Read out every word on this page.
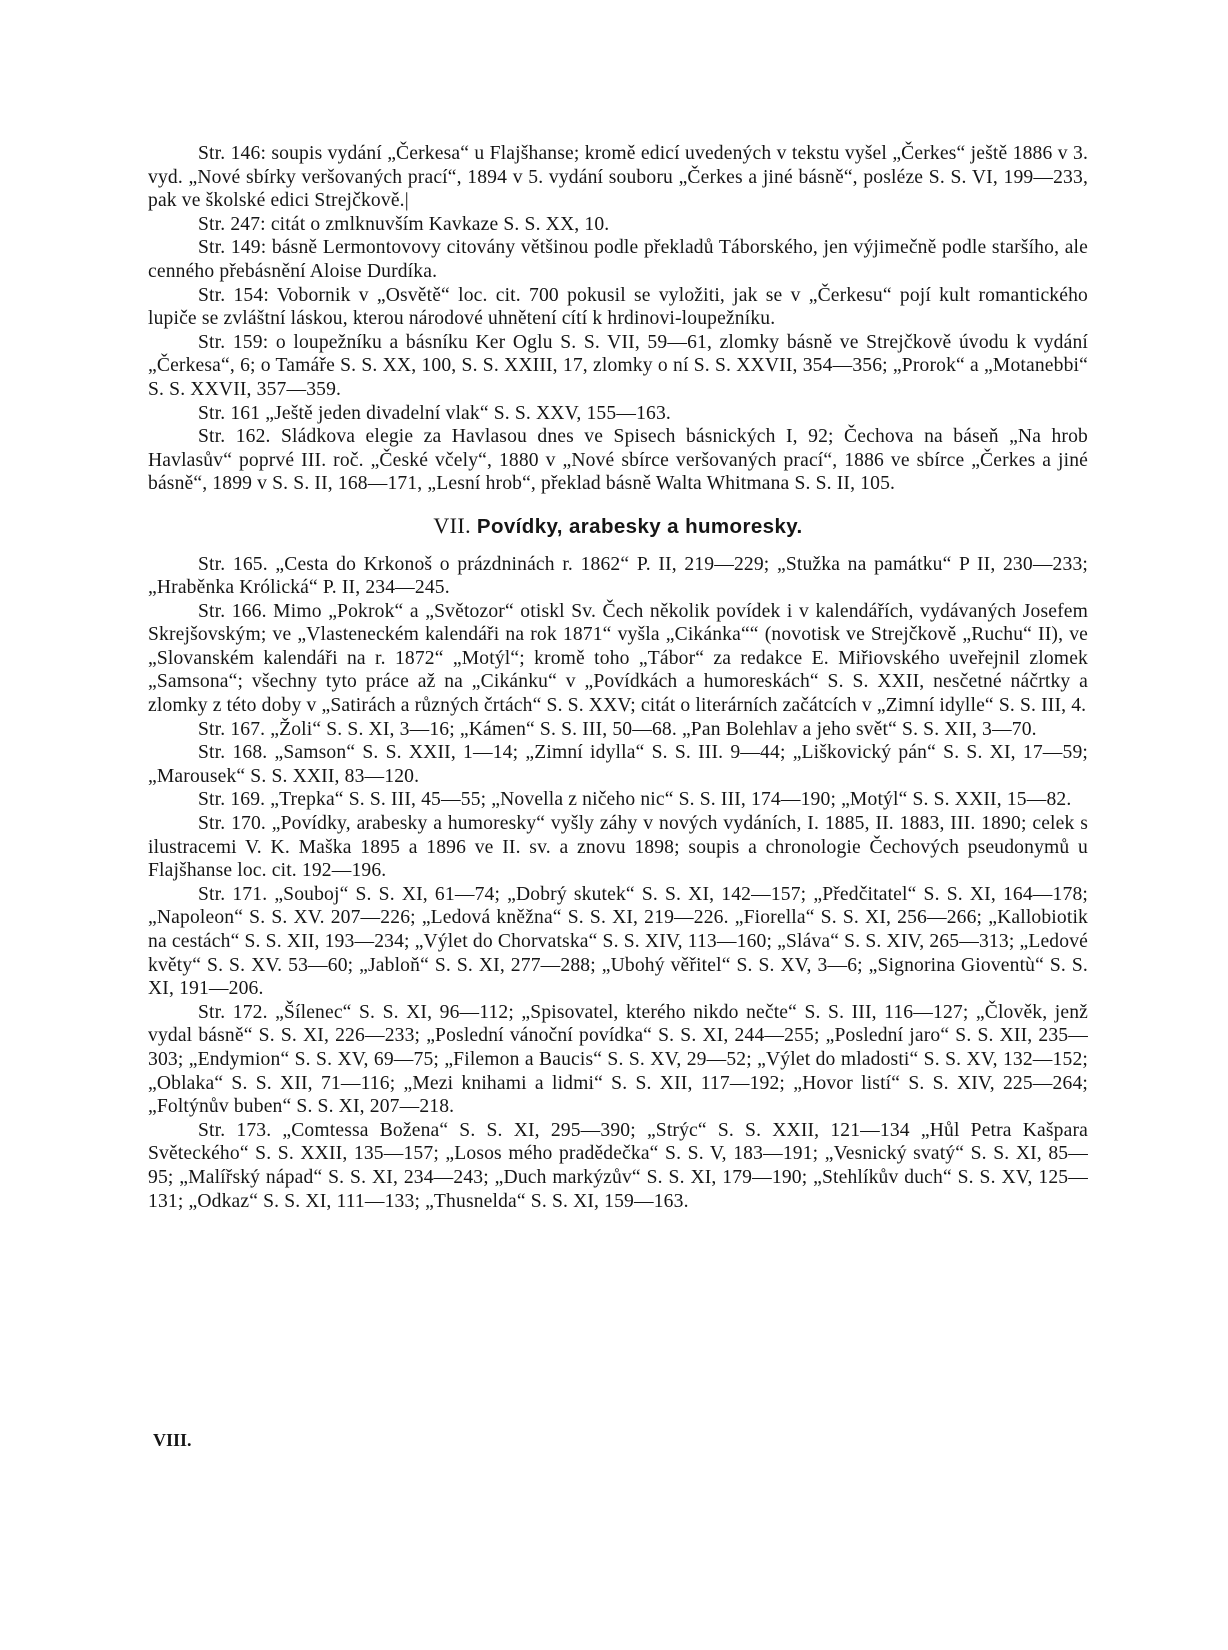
Str. 146: soupis vydání „Čerkesa“ u Flajšhanse; kromě edicí uvedených v tekstu vyšel „Čerkes“ ještě 1886 v 3. vyd. „Nové sbírky veršovaných prací“, 1894 v 5. vydání souboru „Čerkes a jiné básně“, posléze S. S. VI, 199—233, pak ve školské edici Strejčkově.|

Str. 247: citát o zmlknuvším Kavkaze S. S. XX, 10.

Str. 149: básně Lermontovovy citovány většinou podle překladů Táborského, jen výjimečně podle staršího, ale cenného přebásnění Aloise Durdíka.

Str. 154: Vobornik v „Osvětě“ loc. cit. 700 pokusil se vyložiti, jak se v „Čerkesu“ pojí kult romantického lupiče se zvláštní láskou, kterou národové uhnětení cítí k hrdinovi-loupežníku.

Str. 159: o loupežníku a básníku Ker Oglu S. S. VII, 59—61, zlomky básně ve Strejčkově úvodu k vydání „Čerkesa“, 6; o Tamáře S. S. XX, 100, S. S. XXIII, 17, zlomky o ní S. S. XXVII, 354—356; „Prorok“ a „Motanebbi“ S. S. XXVII, 357—359.

Str. 161 „Ještě jeden divadelní vlak“ S. S. XXV, 155—163.

Str. 162. Sládkova elegie za Havlasou dnes ve Spisech básnických I, 92; Čechova na báseň „Na hrob Havlasův“ poprvé III. roč. „České včely“, 1880 v „Nové sbírce veršovaných prací“, 1886 ve sbírce „Čerkes a jiné básně“, 1899 v S. S. II, 168—171, „Lesní hrob“, překlad básně Walta Whitmana S. S. II, 105.

VII. Povídky, arabesky a humoresky.

Str. 165. „Cesta do Krkonoš o prázdninách r. 1862“ P. II, 219—229; „Stužka na památku“ P II, 230—233; „Hraběnka Królická“ P. II, 234—245.

Str. 166. Mimo „Pokrok“ a „Světozor“ otiskl Sv. Čech několik povídek i v kalendářích, vydávaných Josefem Skrejšovským; ve „Vlasteneckém kalendáři na rok 1871“ vyšla „Cikánka““ (novotisk ve Strejčkově „Ruchu“ II), ve „Slovanském kalendáři na r. 1872“ „Motýl“; kromě toho „Tábor“ za redakce E. Miřiovského uveřejnil zlomek „Samsona“; všechny tyto práce až na „Cikánku“ v „Povídkách a humoreskách“ S. S. XXII, nesčetné náčrtky a zlomky z této doby v „Satirách a různých črtách“ S. S. XXV; citát o literárních začátcích v „Zimní idylle“ S. S. III, 4.

Str. 167. „Žoli“ S. S. XI, 3—16; „Kámen“ S. S. III, 50—68. „Pan Bolehlav a jeho svět“ S. S. XII, 3—70.

Str. 168. „Samson“ S. S. XXII, 1—14; „Zimní idylla“ S. S. III. 9—44; „Liškovický pán“ S. S. XI, 17—59; „Marousek“ S. S. XXII, 83—120.

Str. 169. „Trepka“ S. S. III, 45—55; „Novella z ničeho nic“ S. S. III, 174—190; „Motýl“ S. S. XXII, 15—82.

Str. 170. „Povídky, arabesky a humoresky“ vyšly záhy v nových vydáních, I. 1885, II. 1883, III. 1890; celek s ilustracemi V. K. Maška 1895 a 1896 ve II. sv. a znovu 1898; soupis a chronologie Čechových pseudonymů u Flajšhanse loc. cit. 192—196.

Str. 171. „Souboj“ S. S. XI, 61—74; „Dobrý skutek“ S. S. XI, 142—157; „Předčitatel“ S. S. XI, 164—178; „Napoleon“ S. S. XV. 207—226; „Ledová kněžna“ S. S. XI, 219—226. „Fiorella“ S. S. XI, 256—266; „Kallobiotik na cestách“ S. S. XII, 193—234; „Výlet do Chorvatska“ S. S. XIV, 113—160; „Sláva“ S. S. XIV, 265—313; „Ledové květy“ S. S. XV. 53—60; „Jabloň“ S. S. XI, 277—288; „Ubohý věřitel“ S. S. XV, 3—6; „Signorina Gioventù“ S. S. XI, 191—206.

Str. 172. „Šílenec“ S. S. XI, 96—112; „Spisovatel, kterého nikdo nečte“ S. S. III, 116—127; „Člověk, jenž vydal básně“ S. S. XI, 226—233; „Poslední vánoční povídka“ S. S. XI, 244—255; „Poslední jaro“ S. S. XII, 235—303; „Endymion“ S. S. XV, 69—75; „Filemon a Baucis“ S. S. XV, 29—52; „Výlet do mladosti“ S. S. XV, 132—152; „Oblaka“ S. S. XII, 71—116; „Mezi knihami a lidmi“ S. S. XII, 117—192; „Hovor listí“ S. S. XIV, 225—264; „Foltýnův buben“ S. S. XI, 207—218.

Str. 173. „Comtessa Božena“ S. S. XI, 295—390; „Strýc“ S. S. XXII, 121—134 „Hůl Petra Kašpara Světeckého“ S. S. XXII, 135—157; „Losos mého pradědečka“ S. S. V, 183—191; „Vesnický svatý“ S. S. XI, 85—95; „Malířský nápad“ S. S. XI, 234—243; „Duch markýzův“ S. S. XI, 179—190; „Stehlíkův duch“ S. S. XV, 125—131; „Odkaz“ S. S. XI, 111—133; „Thusnelda“ S. S. XI, 159—163.

VIII.
